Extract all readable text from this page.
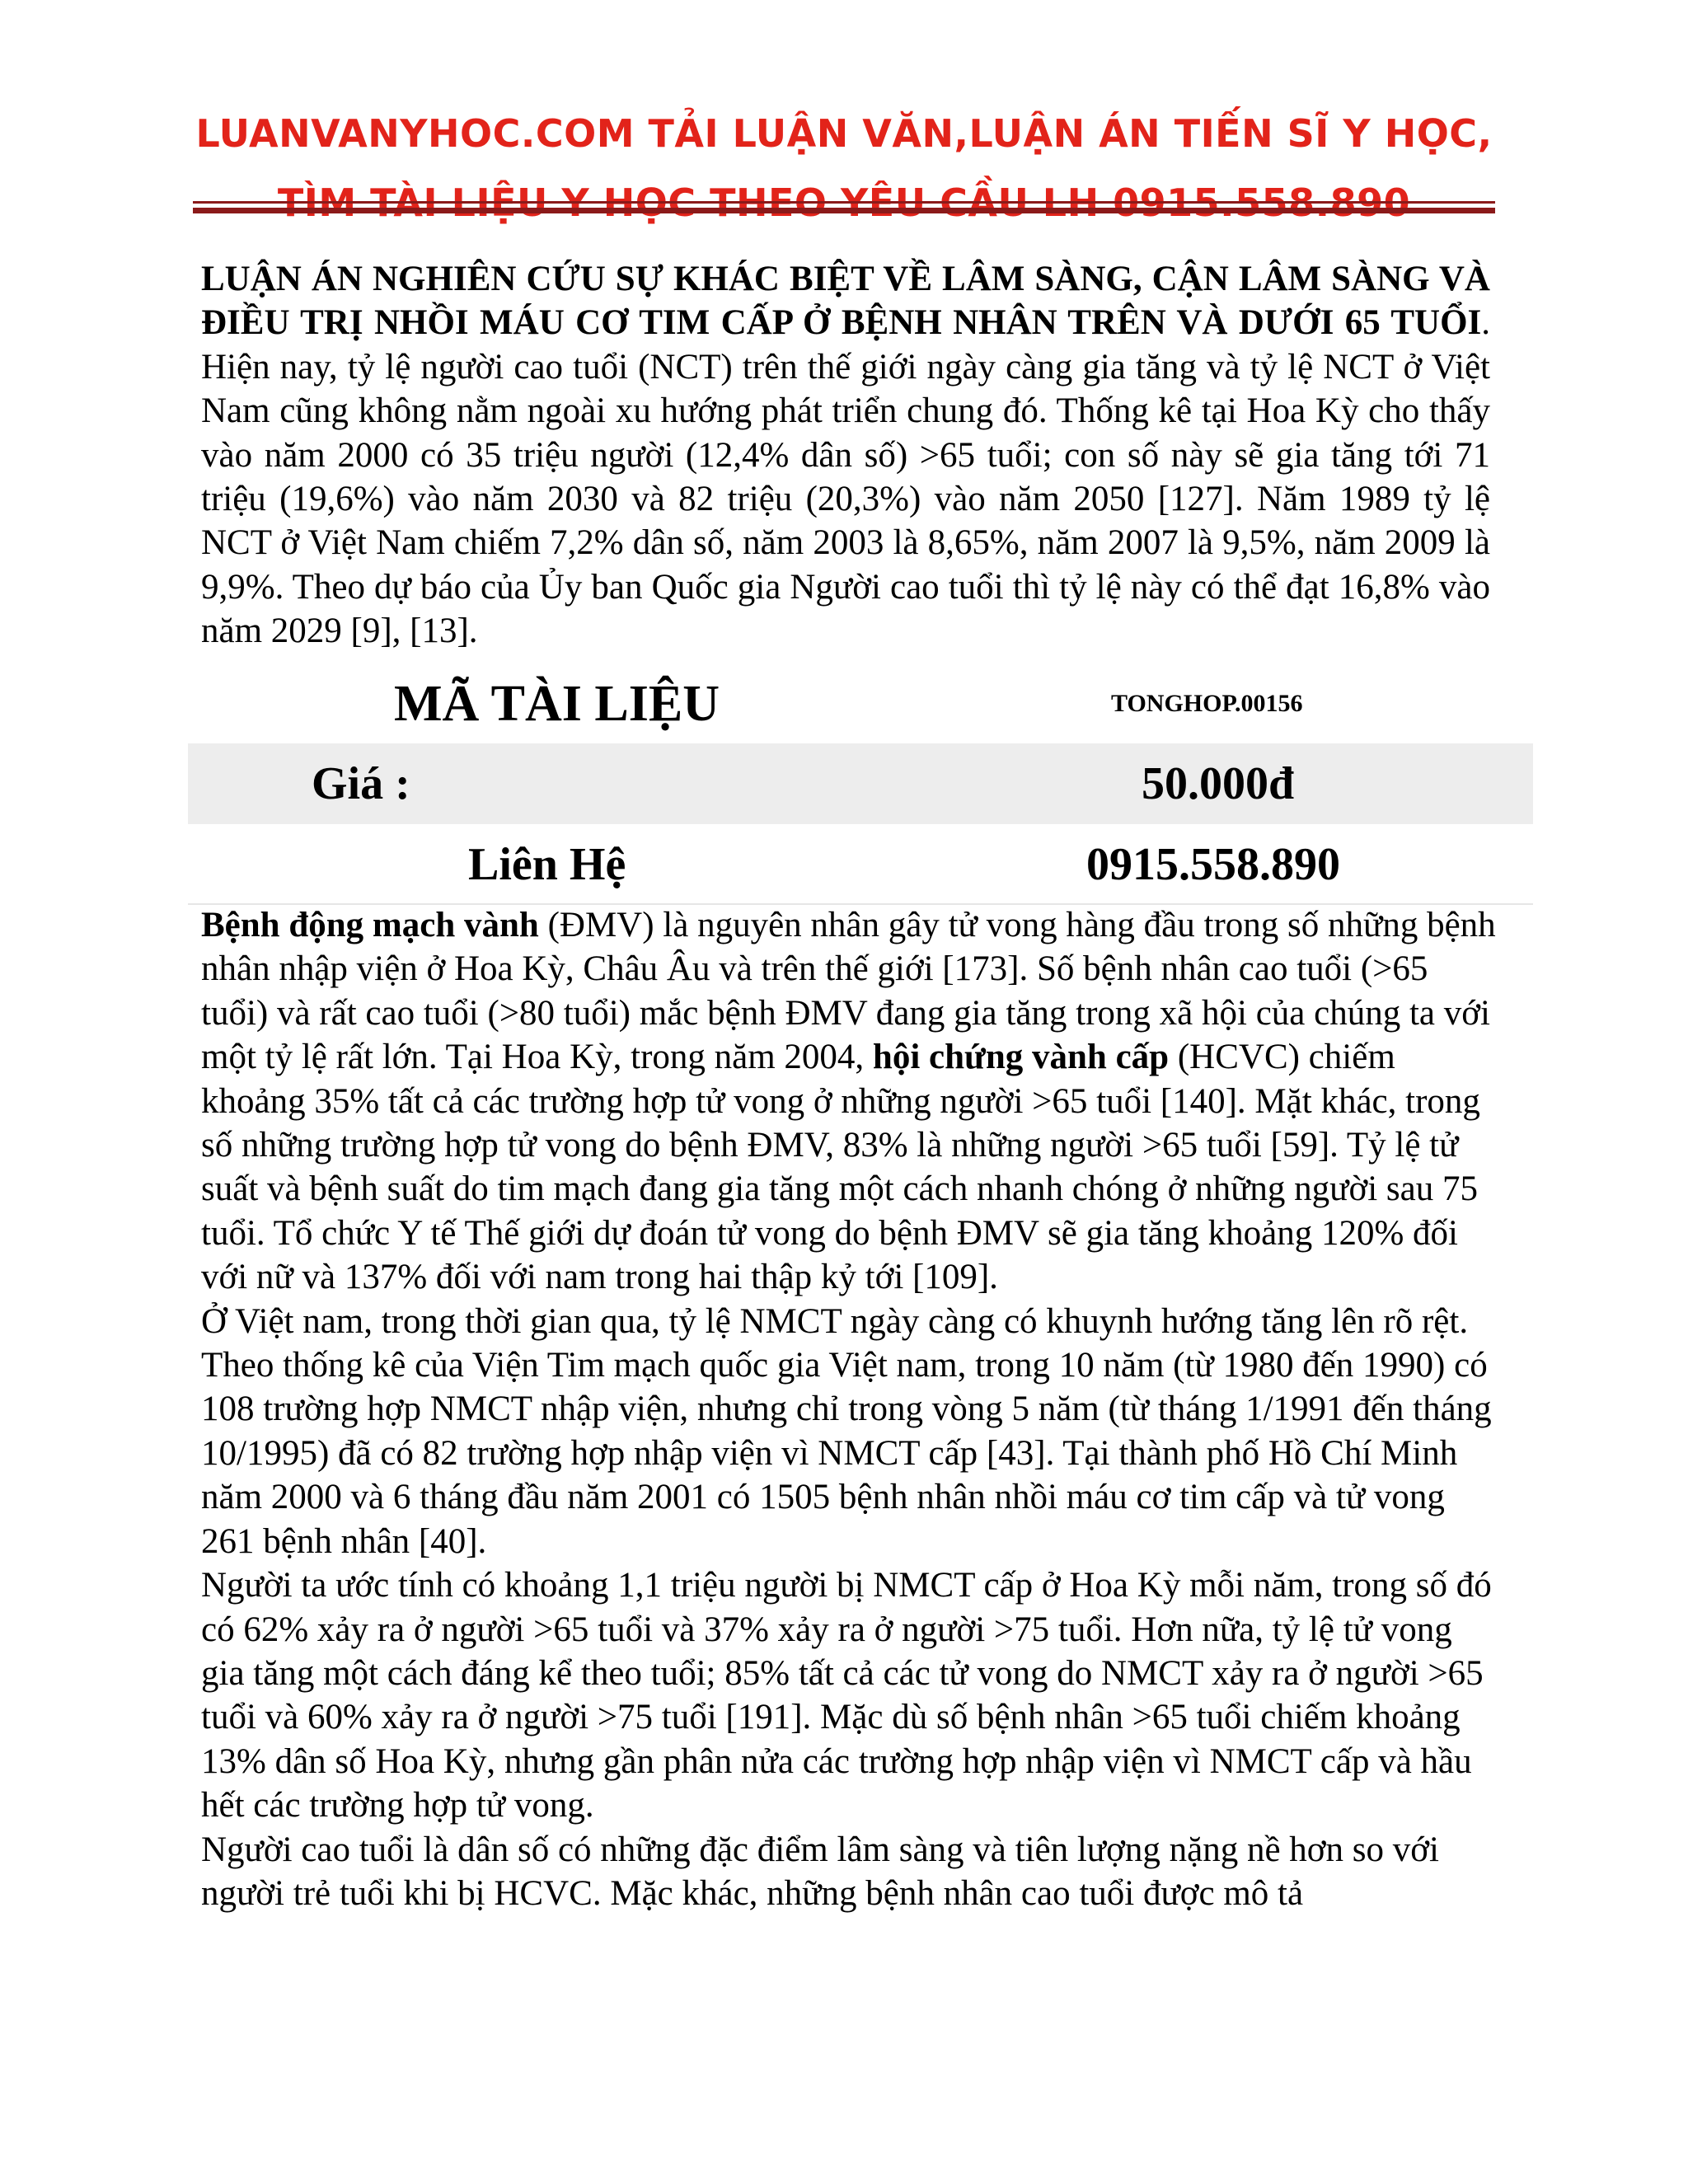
LUANVANYHOC.COM TẢI LUẬN VĂN,LUẬN ÁN TIẾN SĨ Y HỌC,
LUẬN ÁN NGHIÊN CỨU SỰ KHÁC BIỆT VỀ LÂM SÀNG, CẬN LÂM SÀNG VÀ ĐIỀU TRỊ NHỒI MÁU CƠ TIM CẤP Ở BỆNH NHÂN TRÊN VÀ DƯỚI 65 TUỔI. Hiện nay, tỷ lệ người cao tuổi (NCT) trên thế giới ngày càng gia tăng và tỷ lệ NCT ở Việt Nam cũng không nằm ngoài xu hướng phát triển chung đó. Thống kê tại Hoa Kỳ cho thấy vào năm 2000 có 35 triệu người (12,4% dân số) >65 tuổi; con số này sẽ gia tăng tới 71 triệu (19,6%) vào năm 2030 và 82 triệu (20,3%) vào năm 2050 [127]. Năm 1989 tỷ lệ NCT ở Việt Nam chiếm 7,2% dân số, năm 2003 là 8,65%, năm 2007 là 9,5%, năm 2009 là 9,9%. Theo dự báo của Ủy ban Quốc gia Người cao tuổi thì tỷ lệ này có thể đạt 16,8% vào năm 2029 [9], [13].
MÃ TÀI LIỆU	TONGHOP.00156
Giá :	50.000đ
Liên Hệ	0915.558.890

Bệnh động mạch vành (ĐMV) là nguyên nhân gây tử vong hàng đầu trong số những bệnh nhân nhập viện ở Hoa Kỳ, Châu Âu và trên thế giới [173]. Số bệnh nhân cao tuổi (>65 tuổi) và rất cao tuổi (>80 tuổi) mắc bệnh ĐMV đang gia tăng trong xã hội của chúng ta với một tỷ lệ rất lớn. Tại Hoa Kỳ, trong năm 2004, hội chứng vành cấp (HCVC) chiếm khoảng 35% tất cả các trường hợp tử vong ở những người >65 tuổi [140]. Mặt khác, trong số những trường hợp tử vong do bệnh ĐMV, 83% là những người >65 tuổi [59]. Tỷ lệ tử suất và bệnh suất do tim mạch đang gia tăng một cách nhanh chóng ở những người sau 75 tuổi. Tổ chức Y tế Thế giới dự đoán tử vong do bệnh ĐMV sẽ gia tăng khoảng 120% đối với nữ và 137% đối với nam trong hai thập kỷ tới [109].

Ở Việt nam, trong thời gian qua, tỷ lệ NMCT ngày càng có khuynh hướng tăng lên rõ rệt. Theo thống kê của Viện Tim mạch quốc gia Việt nam, trong 10 năm (từ 1980 đến 1990) có 108 trường hợp NMCT nhập viện, nhưng chỉ trong vòng 5 năm (từ tháng 1/1991 đến tháng 10/1995) đã có 82 trường hợp nhập viện vì NMCT cấp [43]. Tại thành phố Hồ Chí Minh năm 2000 và 6 tháng đầu năm 2001 có 1505 bệnh nhân nhồi máu cơ tim cấp và tử vong 261 bệnh nhân [40].

Người ta ước tính có khoảng 1,1 triệu người bị NMCT cấp ở Hoa Kỳ mỗi năm, trong số đó có 62% xảy ra ở người >65 tuổi và 37% xảy ra ở người >75 tuổi. Hơn nữa, tỷ lệ tử vong gia tăng một cách đáng kể theo tuổi; 85% tất cả các tử vong do NMCT xảy ra ở người >65 tuổi và 60% xảy ra ở người >75 tuổi [191]. Mặc dù số bệnh nhân >65 tuổi chiếm khoảng 13% dân số Hoa Kỳ, nhưng gần phân nửa các trường hợp nhập viện vì NMCT cấp và hầu hết các trường hợp tử vong.

Người cao tuổi là dân số có những đặc điểm lâm sàng và tiên lượng nặng nề hơn so với người trẻ tuổi khi bị HCVC. Mặc khác, những bệnh nhân cao tuổi được mô tả
